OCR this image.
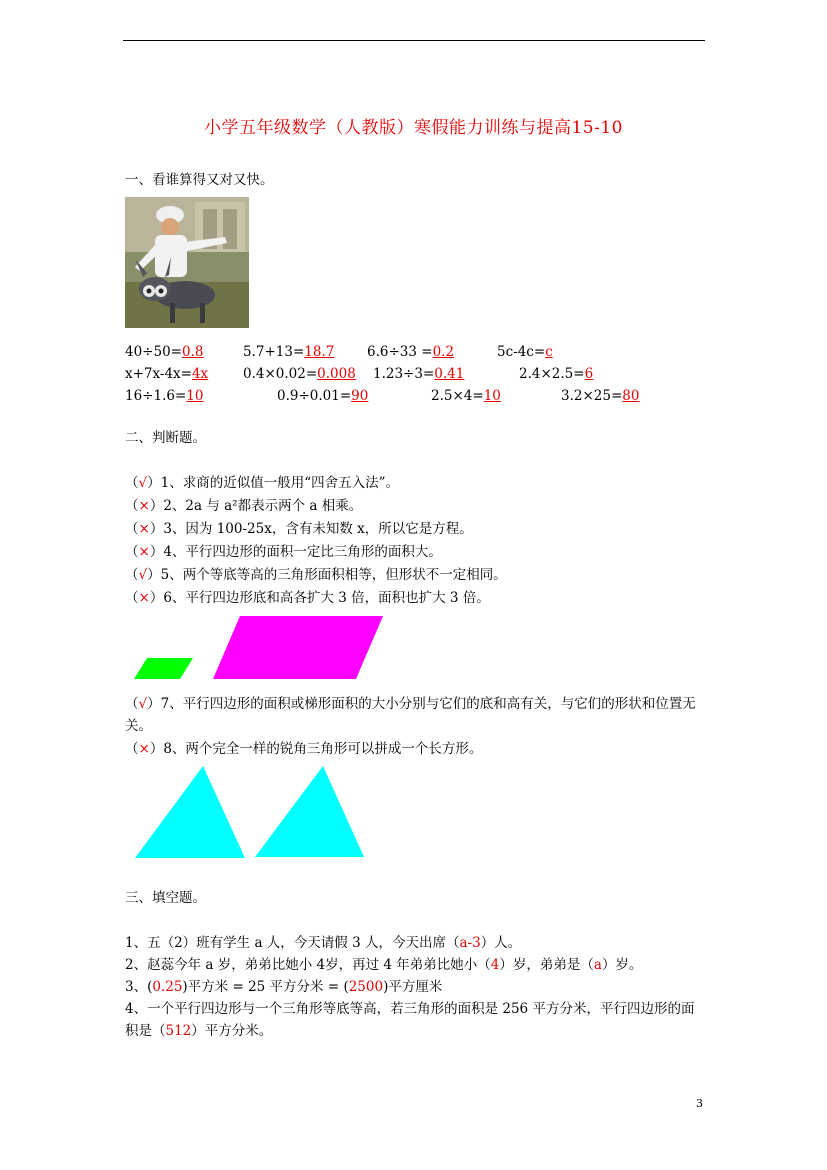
小学五年级数学（人教版）寒假能力训练与提高15-10
一、看谁算得又对又快。
40÷50=0.8	5.7+13=18.7 6.6÷33 =0.2	5c-4c=c
x+7x-4x=4x	0.4×0.02=0.008 1.23÷3=0.41	2.4×2.5=6
16÷1.6=10	0.9÷0.01=90	2.5×4=10	3.2×25=80
二、判断题。
（√）1、求商的近似值一般用“四舍五入法”。
（×）2、2a 与 a²都表示两个 a 相乘。
（×）3、因为 100-25x，含有未知数 x，所以它是方程。
（×）4、平行四边形的面积一定比三角形的面积大。
（√）5、两个等底等高的三角形面积相等，但形状不一定相同。
（×）6、平行四边形底和高各扩大 3 倍，面积也扩大 3 倍。
（√）7、平行四边形的面积或梯形面积的大小分别与它们的底和高有关，与它们的形状和位置无关。
（×）8、两个完全一样的锐角三角形可以拼成一个长方形。
三、填空题。
1、五（2）班有学生 a 人，今天请假 3 人，今天出席（a-3）人。
2、赵蕊今年 a 岁，弟弟比她小 4岁，再过 4 年弟弟比她小（4）岁，弟弟是（a）岁。
3、(0.25)平方米 = 25 平方分米 = (2500)平方厘米
4、一个平行四边形与一个三角形等底等高，若三角形的面积是 256 平方分米，平行四边形的面积是（512）平方分米。
3
